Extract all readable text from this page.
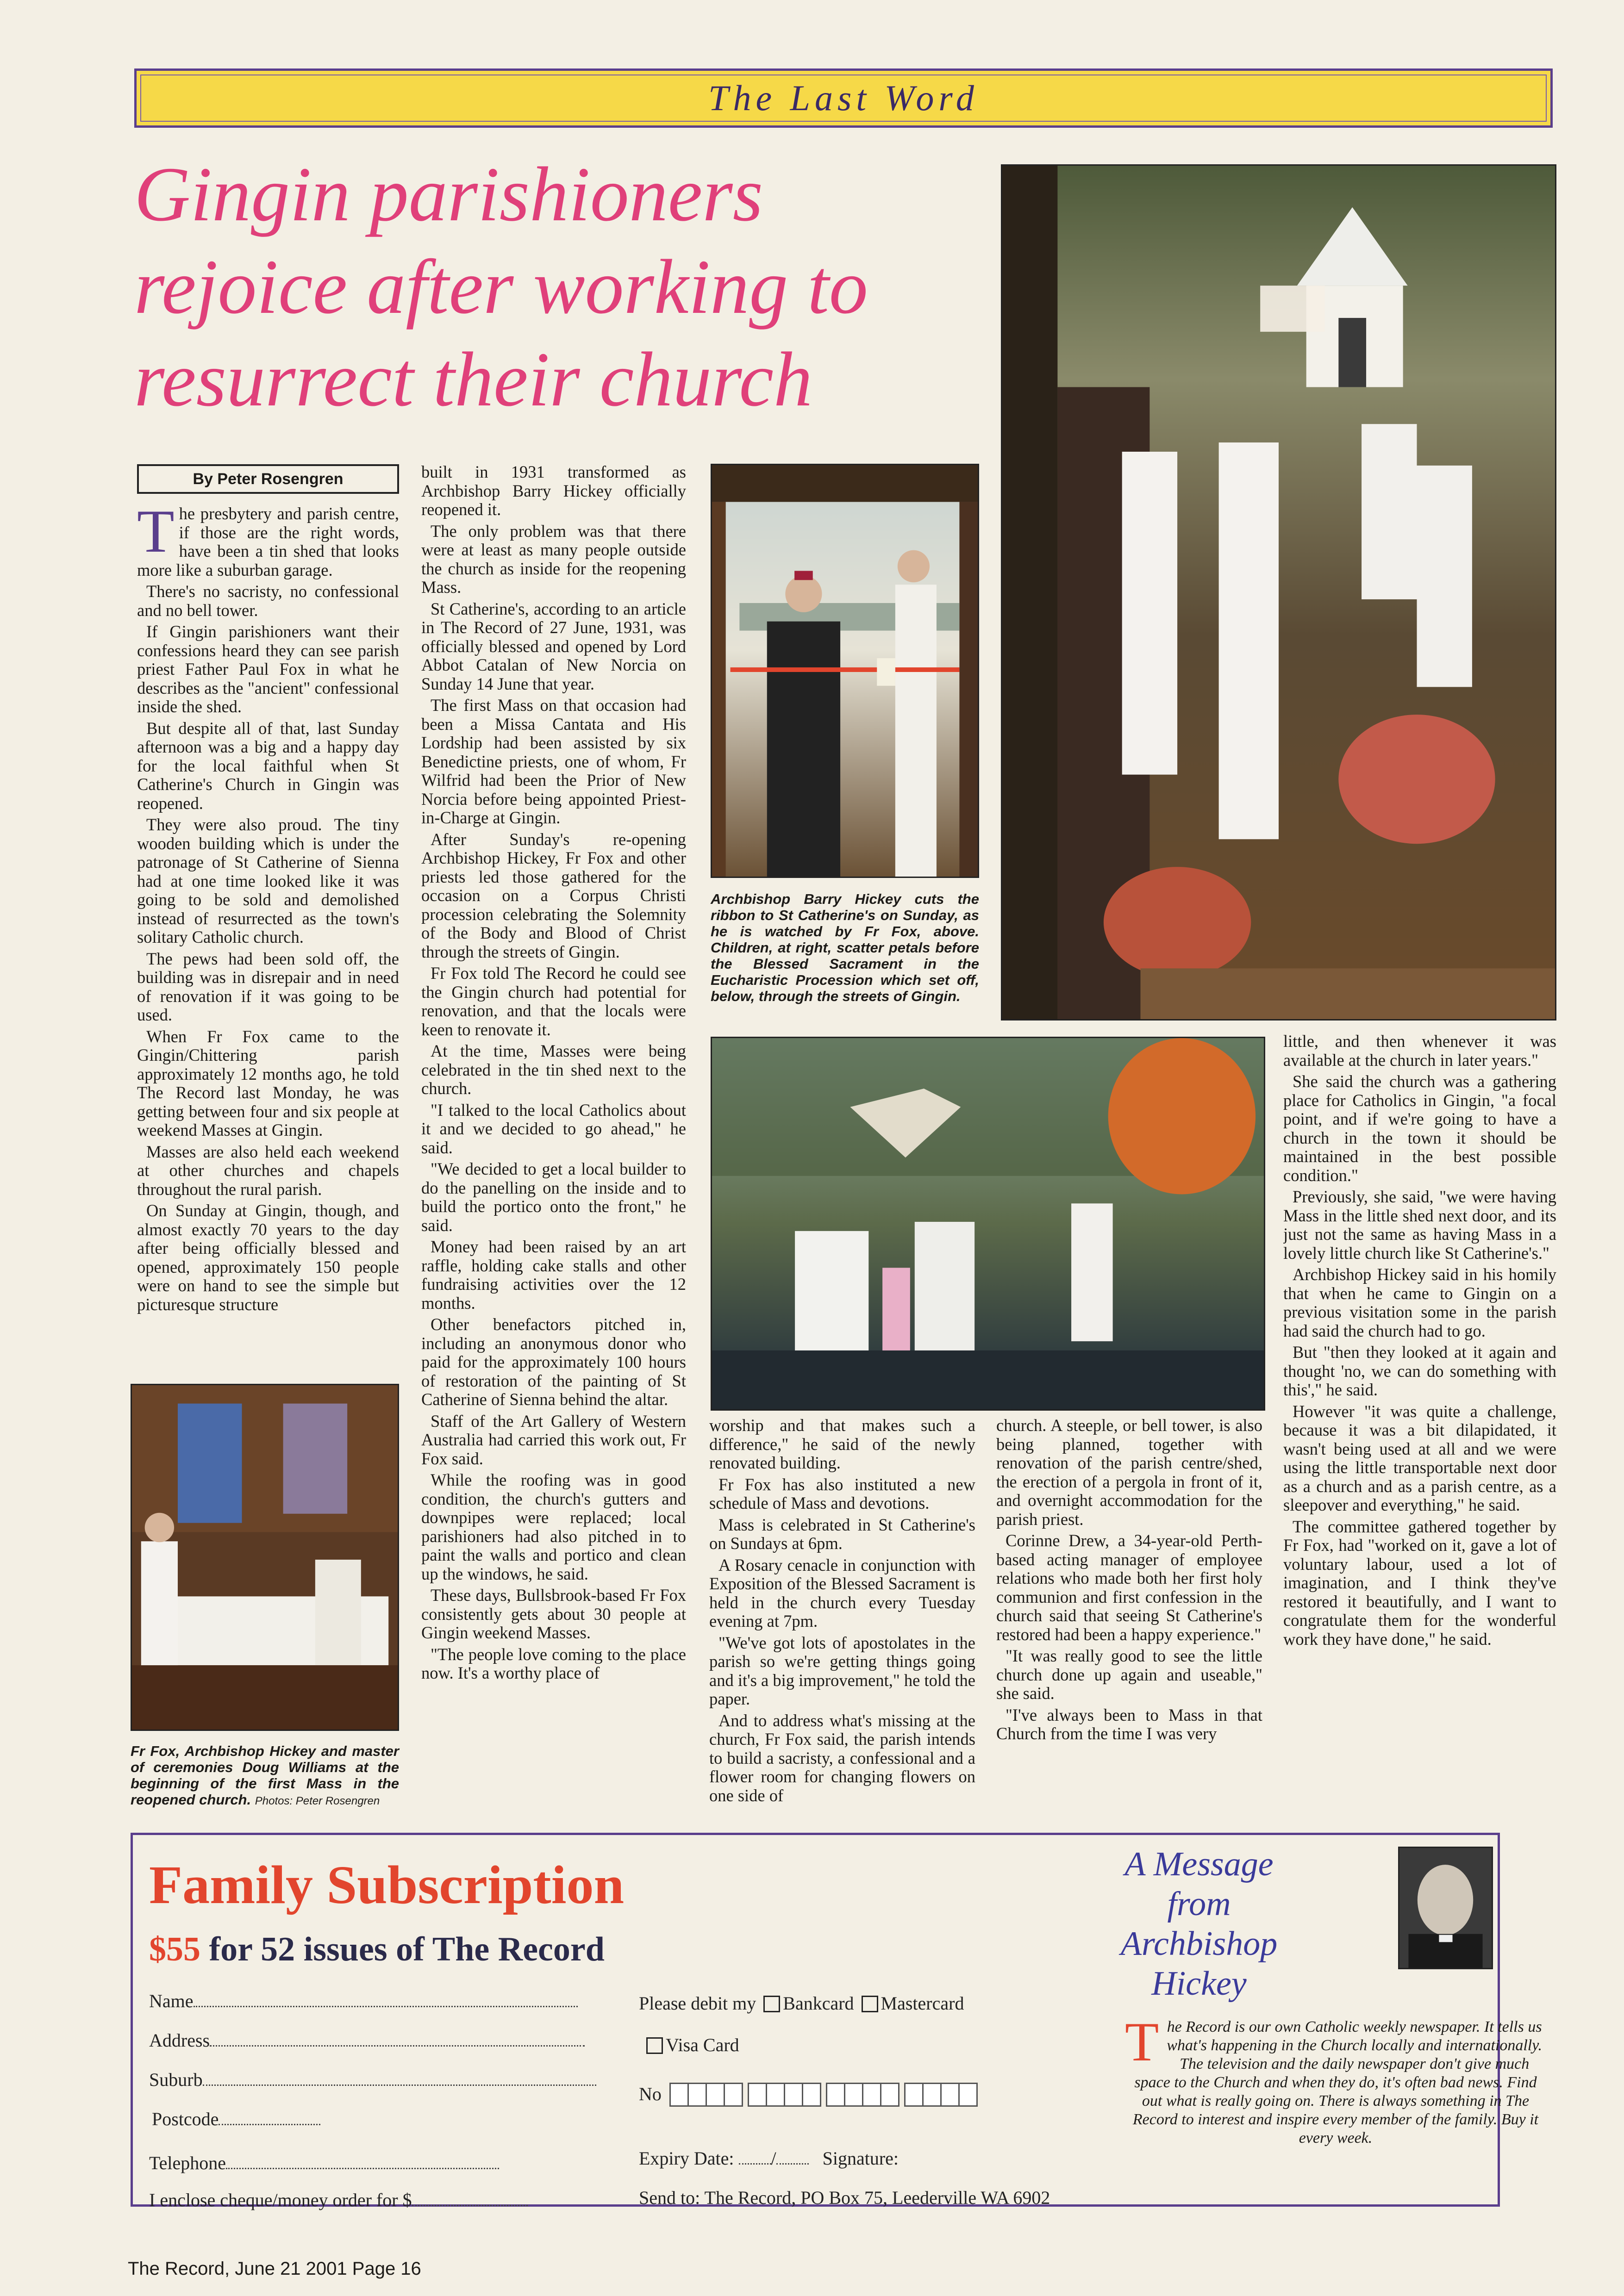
The Last Word
Gingin parishioners
rejoice after working to
resurrect their church
By Peter Rosengren

The presbytery and parish centre, if those are the right words, have been a tin shed that looks more like a suburban garage.

There's no sacristy, no confessional and no bell tower.

If Gingin parishioners want their confessions heard they can see parish priest Father Paul Fox in what he describes as the "ancient" confessional inside the shed.

But despite all of that, last Sunday afternoon was a big and a happy day for the local faithful when St Catherine's Church in Gingin was reopened.

They were also proud. The tiny wooden building which is under the patronage of St Catherine of Sienna had at one time looked like it was going to be sold and demolished instead of resurrected as the town's solitary Catholic church.

The pews had been sold off, the building was in disrepair and in need of renovation if it was going to be used.

When Fr Fox came to the Gingin/Chittering parish approximately 12 months ago, he told The Record last Monday, he was getting between four and six people at weekend Masses at Gingin.

Masses are also held each weekend at other churches and chapels throughout the rural parish.

On Sunday at Gingin, though, and almost exactly 70 years to the day after being officially blessed and opened, approximately 150 people were on hand to see the simple but picturesque structure

built in 1931 transformed as Archbishop Barry Hickey officially reopened it.

The only problem was that there were at least as many people outside the church as inside for the reopening Mass.

St Catherine's, according to an article in The Record of 27 June, 1931, was officially blessed and opened by Lord Abbot Catalan of New Norcia on Sunday 14 June that year.

The first Mass on that occasion had been a Missa Cantata and His Lordship had been assisted by six Benedictine priests, one of whom, Fr Wilfrid had been the Prior of New Norcia before being appointed Priest-in-Charge at Gingin.

After Sunday's re-opening Archbishop Hickey, Fr Fox and other priests led those gathered for the occasion on a Corpus Christi procession celebrating the Solemnity of the Body and Blood of Christ through the streets of Gingin.

Fr Fox told The Record he could see the Gingin church had potential for renovation, and that the locals were keen to renovate it.

At the time, Masses were being celebrated in the tin shed next to the church.

"I talked to the local Catholics about it and we decided to go ahead," he said.

"We decided to get a local builder to do the panelling on the inside and to build the portico onto the front," he said.

Money had been raised by an art raffle, holding cake stalls and other fundraising activities over the 12 months.

Other benefactors pitched in, including an anonymous donor who paid for the approximately 100 hours of restoration of the painting of St Catherine of Sienna behind the altar.

Staff of the Art Gallery of Western Australia had carried this work out, Fr Fox said.

While the roofing was in good condition, the church's gutters and downpipes were replaced; local parishioners had also pitched in to paint the walls and portico and clean up the windows, he said.

These days, Bullsbrook-based Fr Fox consistently gets about 30 people at Gingin weekend Masses.

"The people love coming to the place now. It's a worthy place of

worship and that makes such a difference," he said of the newly renovated building.

Fr Fox has also instituted a new schedule of Mass and devotions.

Mass is celebrated in St Catherine's on Sundays at 6pm.

A Rosary cenacle in conjunction with Exposition of the Blessed Sacrament is held in the church every Tuesday evening at 7pm.

"We've got lots of apostolates in the parish so we're getting things going and it's a big improvement," he told the paper.

And to address what's missing at the church, Fr Fox said, the parish intends to build a sacristy, a confessional and a flower room for changing flowers on one side of

church. A steeple, or bell tower, is also being planned, together with renovation of the parish centre/shed, the erection of a pergola in front of it, and overnight accommodation for the parish priest.

Corinne Drew, a 34-year-old Perth-based acting manager of employee relations who made both her first holy communion and first confession in the church said that seeing St Catherine's restored had been a happy experience."

"It was really good to see the little church done up again and useable," she said.

"I've always been to Mass in that Church from the time I was very

little, and then whenever it was available at the church in later years."

She said the church was a gathering place for Catholics in Gingin, "a focal point, and if we're going to have a church in the town it should be maintained in the best possible condition."

Previously, she said, "we were having Mass in the little shed next door, and its just not the same as having Mass in a lovely little church like St Catherine's."

Archbishop Hickey said in his homily that when he came to Gingin on a previous visitation some in the parish had said the church had to go.

But "then they looked at it again and thought 'no, we can do something with this'," he said.

However "it was quite a challenge, because it was a bit dilapidated, it wasn't being used at all and we were using the little transportable next door as a church and as a parish centre, as a sleepover and everything," he said.

The committee gathered together by Fr Fox, had "worked on it, gave a lot of voluntary labour, used a lot of imagination, and I think they've restored it beautifully, and I want to congratulate them for the wonderful work they have done," he said.

Archbishop Barry Hickey cuts the ribbon to St Catherine's on Sunday, as he is watched by Fr Fox, above. Children, at right, scatter petals before the Blessed Sacrament in the Eucharistic Procession which set off, below, through the streets of Gingin.
Fr Fox, Archbishop Hickey and master of ceremonies Doug Williams at the beginning of the first Mass in the reopened church. Photos: Peter Rosengren
Family Subscription
$55 for 52 issues of The Record
Name
Address
Suburb
Postcode
Telephone
I enclose cheque/money order for $
Please debit my Bankcard Mastercard
Visa Card
No
Expiry Date: /	Signature:
Send to: The Record, PO Box 75, Leederville WA 6902
A Message
from
Archbishop
Hickey
The Record is our own Catholic weekly newspaper. It tells us what's happening in the Church locally and internationally. The television and the daily newspaper don't give much space to the Church and when they do, it's often bad news. Find out what is really going on. There is always something in The Record to interest and inspire every member of the family. Buy it every week.
The Record, June 21 2001 Page 16
